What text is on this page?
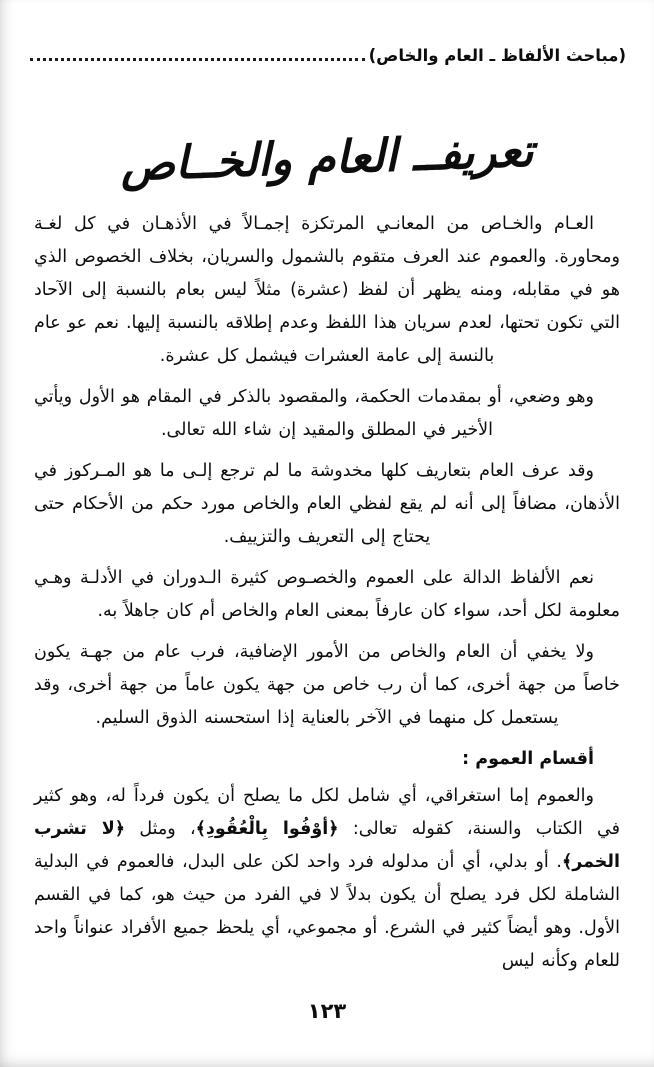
(مباحث الألفاظ ـ العام والخاص)
تعريفــ العام والخــاص

العـام والخـاص من المعانـي المرتكزة إجمـالاً في الأذهـان في كل لغـة ومحاورة. والعموم عند العرف متقوم بالشمول والسريان، بخلاف الخصوص الذي هو في مقابله، ومنه يظهر أن لفظ (عشرة) مثلاً ليس بعام بالنسبة إلى الآحاد التي تكون تحتها، لعدم سريان هذا اللفظ وعدم إطلاقه بالنسبة إليها. نعم عو عام بالنسة إلى عامة العشرات فيشمل كل عشرة.

وهو وضعي، أو بمقدمات الحكمة، والمقصود بالذكر في المقام هو الأول ويأتي الأخير في المطلق والمقيد إن شاء الله تعالى.

وقد عرف العام بتعاريف كلها مخدوشة ما لم ترجع إلـى ما هو المـركوز في الأذهان، مضافاً إلى أنه لم يقع لفظي العام والخاص مورد حكم من الأحكام حتى يحتاج إلى التعريف والتزييف.

نعم الألفاظ الدالة على العموم والخصـوص كثيرة الـدوران في الأدلـة وهـي معلومة لكل أحد، سواء كان عارفاً بمعنى العام والخاص أم كان جاهلاً به.

ولا يخفي أن العام والخاص من الأمور الإضافية، فرب عام من جهـة يكون خاصاً من جهة أخرى، كما أن رب خاص من جهة يكون عاماً من جهة أخرى، وقد يستعمل كل منهما في الآخر بالعناية إذا استحسنه الذوق السليم.

أقسام العموم :

والعموم إما استغراقي، أي شامل لكل ما يصلح أن يكون فرداً له، وهو كثير في الكتاب والسنة، كقوله تعالى: ﴿أوْفُوا بِالْعُقُودِ﴾، ومثل ﴿لا تشرب الخمر﴾. أو بدلي، أي أن مدلوله فرد واحد لكن على البدل، فالعموم في البدلية الشاملة لكل فرد يصلح أن يكون بدلاً لا في الفرد من حيث هو، كما في القسم الأول. وهو أيضاً كثير في الشرع. أو مجموعي، أي يلحظ جميع الأفراد عنواناً واحد للعام وكأنه ليس

١٢٣
